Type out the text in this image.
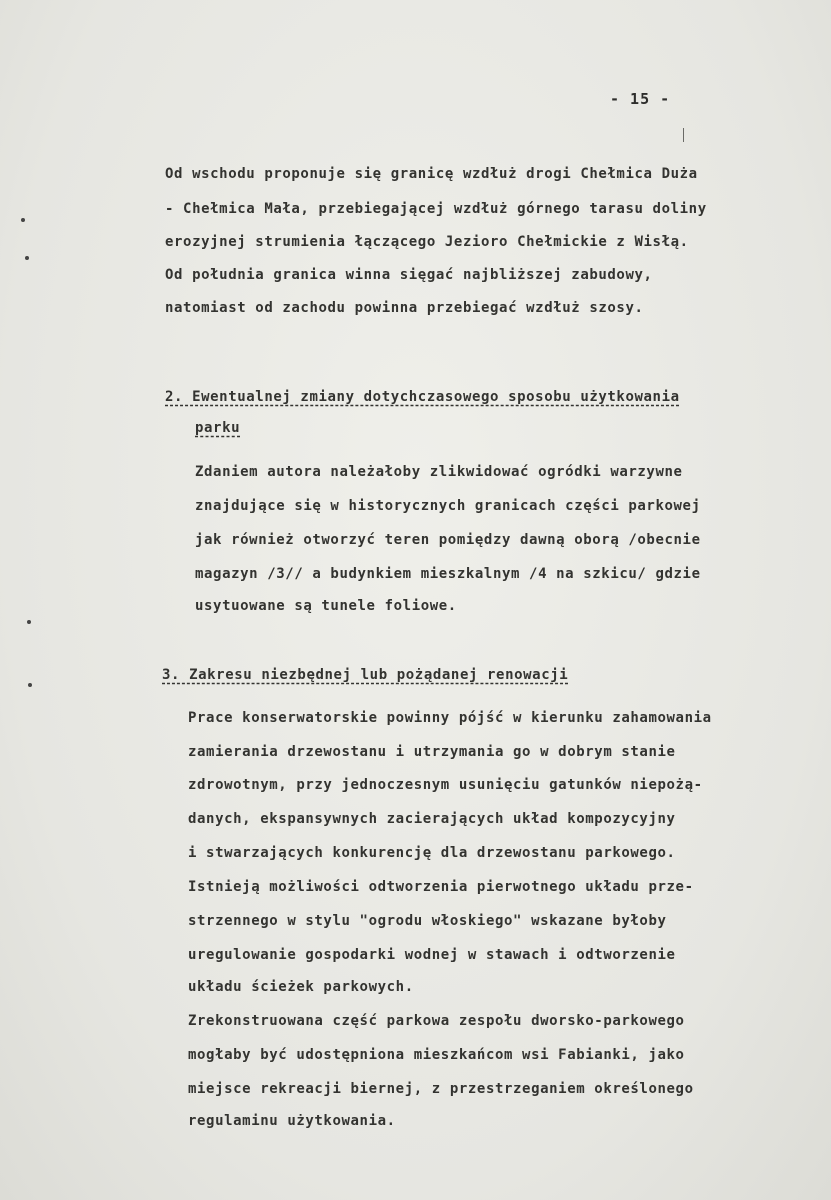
- 15 -
Od wschodu proponuje się granicę wzdłuż drogi Chełmica Duża
- Chełmica Mała, przebiegającej wzdłuż górnego tarasu doliny
erozyjnej strumienia łączącego Jezioro Chełmickie z Wisłą.
Od południa granica winna sięgać najbliższej zabudowy,
natomiast od zachodu powinna przebiegać wzdłuż szosy.
2. Ewentualnej zmiany dotychczasowego sposobu użytkowania
parku
Zdaniem autora należałoby zlikwidować ogródki warzywne
znajdujące się w historycznych granicach części parkowej
jak również otworzyć teren pomiędzy dawną oborą /obecnie
magazyn /3// a budynkiem mieszkalnym /4 na szkicu/ gdzie
usytuowane są tunele foliowe.
3. Zakresu niezbędnej lub pożądanej renowacji
Prace konserwatorskie powinny pójść w kierunku zahamowania
zamierania drzewostanu i utrzymania go w dobrym stanie
zdrowotnym, przy jednoczesnym usunięciu gatunków niepożą-
danych, ekspansywnych zacierających układ kompozycyjny
i stwarzających konkurencję dla drzewostanu parkowego.
Istnieją możliwości odtworzenia pierwotnego układu prze-
strzennego w stylu "ogrodu włoskiego" wskazane byłoby
uregulowanie gospodarki wodnej w stawach i odtworzenie
układu ścieżek parkowych.
Zrekonstruowana część parkowa zespołu dworsko-parkowego
mogłaby być udostępniona mieszkańcom wsi Fabianki, jako
miejsce rekreacji biernej, z przestrzeganiem określonego
regulaminu użytkowania.
